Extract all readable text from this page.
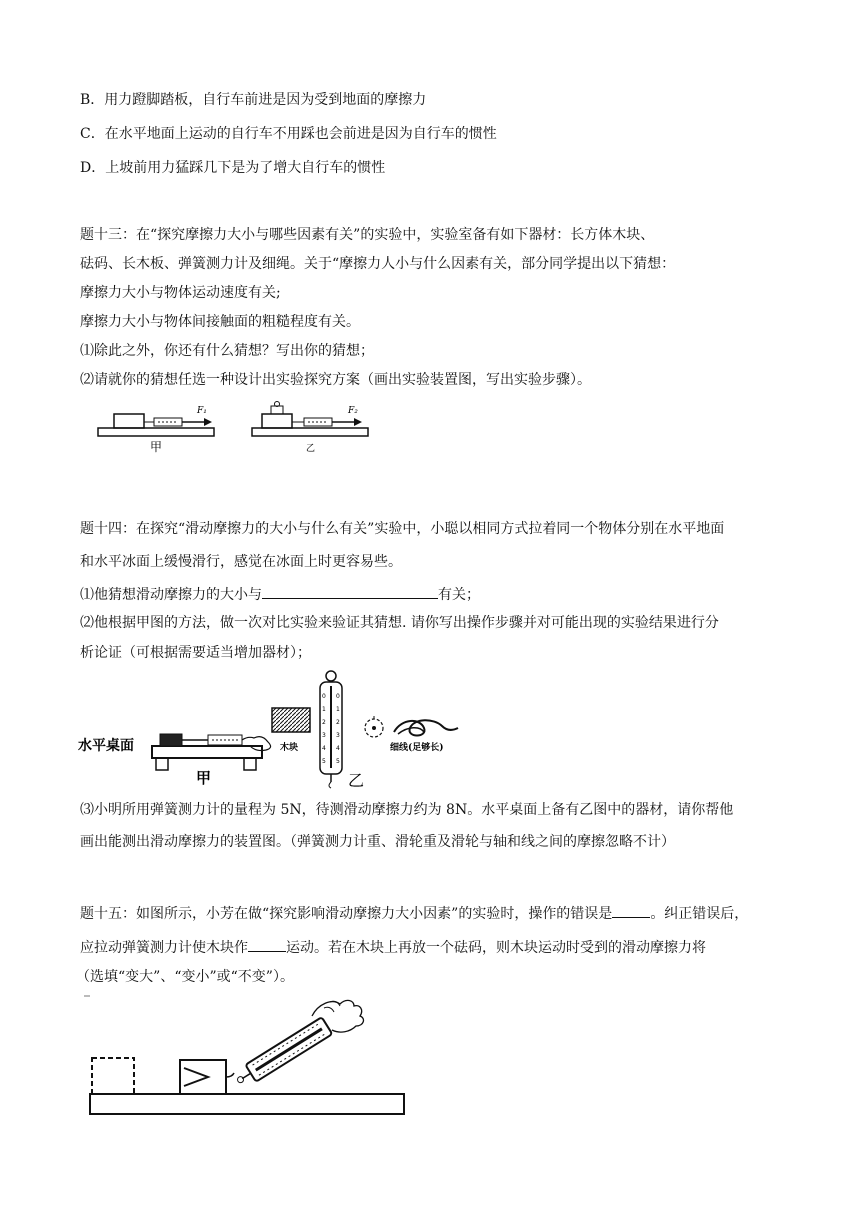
B．用力蹬脚踏板，自行车前进是因为受到地面的摩擦力
C．在水平地面上运动的自行车不用踩也会前进是因为自行车的惯性
D．上坡前用力猛踩几下是为了增大自行车的惯性
题十三：在“探究摩擦力大小与哪些因素有关”的实验中，实验室备有如下器材：长方体木块、
砝码、长木板、弹簧测力计及细绳。关于“摩擦力人小与什么因素有关，部分同学提出以下猜想：
摩擦力大小与物体运动速度有关;
摩擦力大小与物体间接触面的粗糙程度有关。
⑴除此之外，你还有什么猜想？写出你的猜想；
⑵请就你的猜想任选一种设计出实验探究方案（画出实验装置图，写出实验步骤）。
F₁
甲
F₂
乙
题十四：在探究“滑动摩擦力的大小与什么有关”实验中，小聪以相同方式拉着同一个物体分别在水平地面
和水平冰面上缓慢滑行，感觉在冰面上时更容易些。
⑴他猜想滑动摩擦力的大小与	有关；
⑵他根据甲图的方法，做一次对比实验来验证其猜想. 请你写出操作步骤并对可能出现的实验结果进行分
析论证（可根据需要适当增加器材）；
水平桌面
甲
木块
0
1
2
3
4
5
0
1
2
3
4
5
乙
细线(足够长)
⑶小明所用弹簧测力计的量程为 5N，待测滑动摩擦力约为 8N。水平桌面上备有乙图中的器材，请你帮他
画出能测出滑动摩擦力的装置图。（弹簧测力计重、滑轮重及滑轮与轴和线之间的摩擦忽略不计）
题十五：如图所示，小芳在做“探究影响滑动摩擦力大小因素”的实验时，操作的错误是	。纠正错误后，
应拉动弹簧测力计使木块作	运动。若在木块上再放一个砝码，则木块运动时受到的滑动摩擦力将
（选填“变大”、“变小”或“不变”）。
